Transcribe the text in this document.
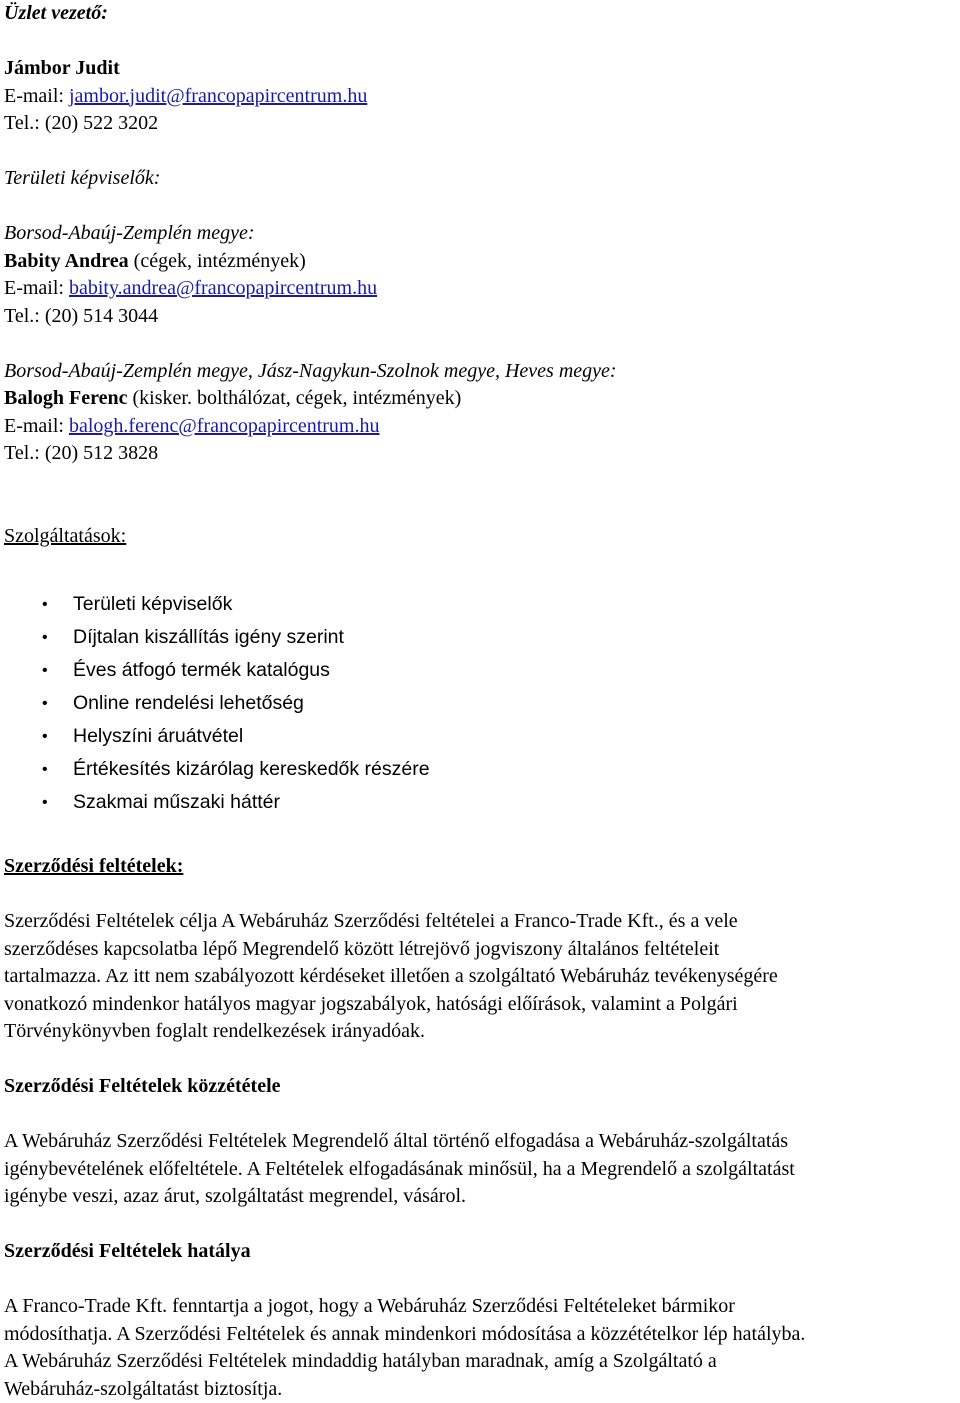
Üzlet vezető:
Jámbor Judit
E-mail: jambor.judit@francopapircentrum.hu
Tel.: (20) 522 3202
Területi képviselők:
Borsod-Abaúj-Zemplén megye:
Babity Andrea (cégek, intézmények)
E-mail: babity.andrea@francopapircentrum.hu
Tel.: (20) 514 3044
Borsod-Abaúj-Zemplén megye, Jász-Nagykun-Szolnok megye, Heves megye:
Balogh Ferenc (kisker. bolthálózat, cégek, intézmények)
E-mail: balogh.ferenc@francopapircentrum.hu
Tel.: (20) 512 3828
Szolgáltatások:
• Területi képviselők
• Díjtalan kiszállítás igény szerint
• Éves átfogó termék katalógus
• Online rendelési lehetőség
• Helyszíni áruátvétel
• Értékesítés kizárólag kereskedők részére
• Szakmai műszaki háttér
Szerződési feltételek:
Szerződési Feltételek célja A Webáruház Szerződési feltételei a Franco-Trade Kft., és a vele
szerződéses kapcsolatba lépő Megrendelő között létrejövő jogviszony általános feltételeit
tartalmazza. Az itt nem szabályozott kérdéseket illetően a szolgáltató Webáruház tevékenységére
vonatkozó mindenkor hatályos magyar jogszabályok, hatósági előírások, valamint a Polgári
Törvénykönyvben foglalt rendelkezések irányadóak.
Szerződési Feltételek közzététele
A Webáruház Szerződési Feltételek Megrendelő által történő elfogadása a Webáruház-szolgáltatás
igénybevételének előfeltétele. A Feltételek elfogadásának minősül, ha a Megrendelő a szolgáltatást
igénybe veszi, azaz árut, szolgáltatást megrendel, vásárol.
Szerződési Feltételek hatálya
A Franco-Trade Kft. fenntartja a jogot, hogy a Webáruház Szerződési Feltételeket bármikor
módosíthatja. A Szerződési Feltételek és annak mindenkori módosítása a közzétételkor lép hatályba.
A Webáruház Szerződési Feltételek mindaddig hatályban maradnak, amíg a Szolgáltató a
Webáruház-szolgáltatást biztosítja.
